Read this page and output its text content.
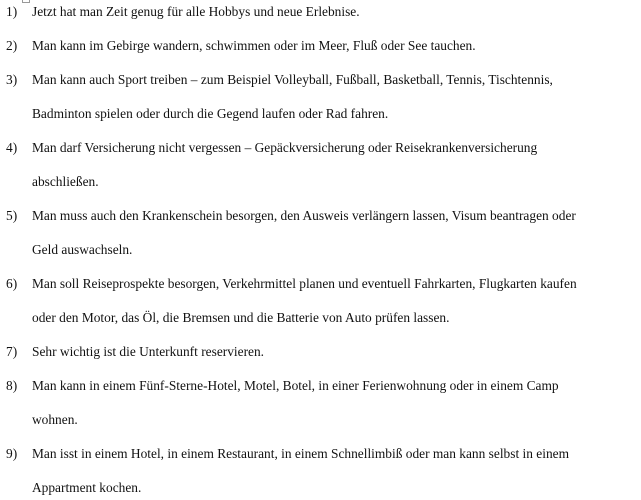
1)	Jetzt hat man Zeit genug für alle Hobbys und neue Erlebnise.
2)	Man kann im Gebirge wandern, schwimmen oder im Meer, Fluß oder See tauchen.
3)	Man kann auch Sport treiben – zum Beispiel Volleyball, Fußball, Basketball, Tennis, Tischtennis,
Badminton spielen oder durch die Gegend laufen oder Rad fahren.
4)	Man darf Versicherung nicht vergessen – Gepäckversicherung oder Reisekrankenversicherung
abschließen.
5)	Man muss auch den Krankenschein besorgen, den Ausweis verlängern lassen, Visum beantragen oder
Geld auswachseln.
6)	Man soll Reiseprospekte besorgen, Verkehrmittel planen und eventuell Fahrkarten, Flugkarten kaufen
oder den Motor, das Öl, die Bremsen und die Batterie von Auto prüfen lassen.
7)	Sehr wichtig ist die Unterkunft reservieren.
8)	Man kann in einem Fünf-Sterne-Hotel, Motel, Botel, in einer Ferienwohnung oder in einem Camp
wohnen.
9)	Man isst in einem Hotel, in einem Restaurant, in einem Schnellimbiß oder man kann selbst in einem
Appartment kochen.
